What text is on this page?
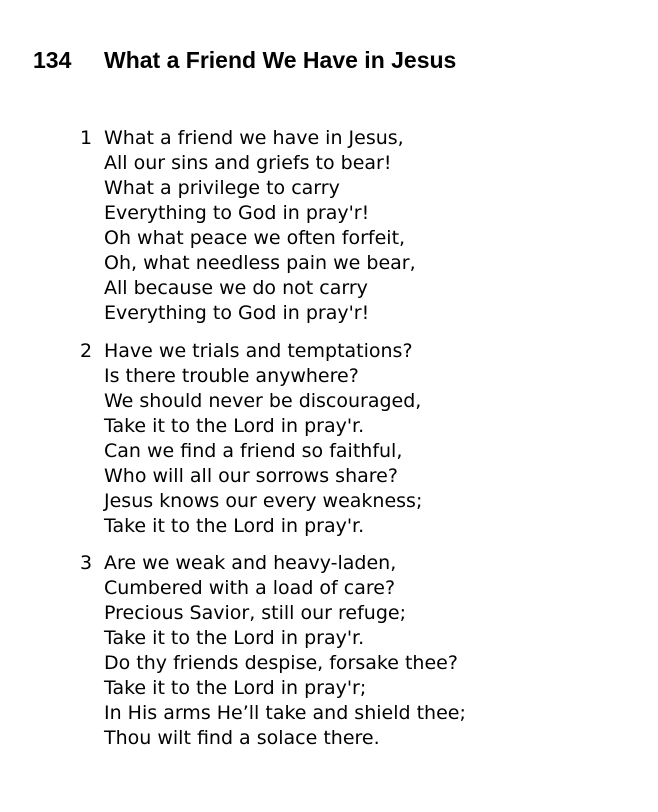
134	What a Friend We Have in Jesus
1 What a friend we have in Jesus,
All our sins and griefs to bear!
What a privilege to carry
Everything to God in pray'r!
Oh what peace we often forfeit,
Oh, what needless pain we bear,
All because we do not carry
Everything to God in pray'r!
2 Have we trials and temptations?
Is there trouble anywhere?
We should never be discouraged,
Take it to the Lord in pray'r.
Can we find a friend so faithful,
Who will all our sorrows share?
Jesus knows our every weakness;
Take it to the Lord in pray'r.
3 Are we weak and heavy-laden,
Cumbered with a load of care?
Precious Savior, still our refuge;
Take it to the Lord in pray'r.
Do thy friends despise, forsake thee?
Take it to the Lord in pray'r;
In His arms He’ll take and shield thee;
Thou wilt find a solace there.
